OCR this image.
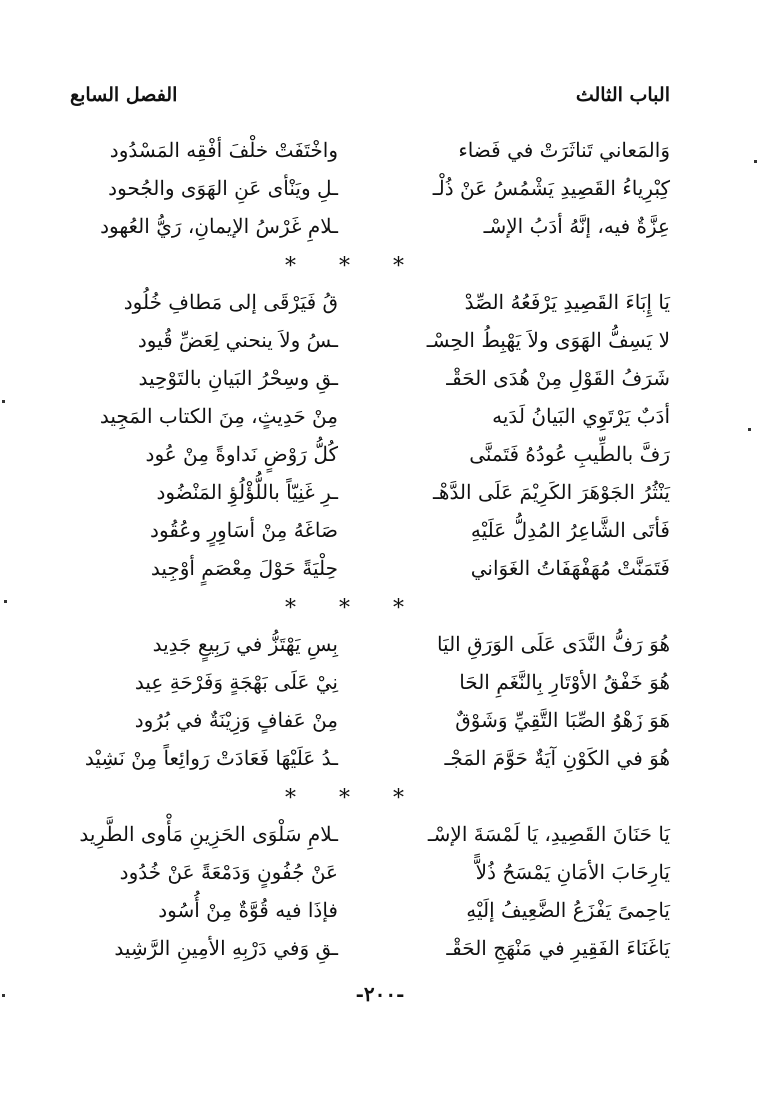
الباب الثالث
الفصل السابع
وَالمَعاني تَناثَرَتْ في فَضاء
واخْتَفَتْ خلْفَ أفْقِه المَسْدُود
كِبْرِياءُ القَصِيدِ يَشْمُسُ عَنْ ذُلْـ
ـلِ ويَنْأى عَنِ الهَوَى والجُحود
عِزَّةٌ فيه، إنَّهُ أدَبُ الإسْـ
ـلامِ غَرْسُ الإيمانِ، رَيُّ العُهود
* * *
يَا إِبَاءَ القَصِيدِ يَرْفَعُهُ الصِّدْ
قُ فَيَرْقَى إلى مَطافِ خُلُود
لا يَسِفُّ الهَوَى ولاَ يَهْبِطُ الحِسْـ
ـسُ ولاَ ينحني لِعَضِّ قُيود
شَرَفُ القَوْلِ مِنْ هُدَى الحَقْـ
ـقِ وسِحْرُ البَيانِ بالتَوْحِيد
أدَبٌ يَرْتَوِي البَيانُ لَدَيه
مِنْ حَدِيثٍ، مِنَ الكتاب المَجِيد
رَفَّ بالطِّيبِ عُودُهُ فَتَمنَّى
كُلُّ رَوْضٍ نَداوةً مِنْ عُود
يَنْثُرُ الجَوْهَرَ الكَرِيْمَ عَلَى الدَّهْـ
ـرِ غَنِيّاً باللُّؤْلُؤِ المَنْضُود
فَأتَى الشَّاعِرُ المُدِلُّ عَلَيْهِ
صَاغَهُ مِنْ أسَاوِرٍ وعُقُود
فَتَمَنَّتْ مُهَفْهَفَاتُ الغَوَاني
حِلْيَةً حَوْلَ مِعْصَمٍ أوْجِيد
* * *
هُوَ رَفُّ النَّدَى عَلَى الوَرَقِ اليَا
بِسِ يَهْتَزُّ في رَبِيعٍ جَدِيد
هُوَ خَفْقُ الأوْتَارِ بِالنَّغَمِ الحَا
نِيْ عَلَى بَهْجَةٍ وَفَرْحَةِ عِيد
هَوَ زَهْوُ الصِّبَا التَّقِيِّ وَشَوْقٌ
مِنْ عَفافٍ وَزِيْنَةٌ في بُرُود
هُوَ في الكَوْنِ آيَةٌ حَوَّمَ المَجْـ
ـدُ عَلَيْهَا فَعَادَتْ رَوائِعاً مِنْ نَشِيْد
* * *
يَا حَنَانَ القَصِيدِ، يَا لَمْسَةَ الإسْـ
ـلامِ سَلْوَى الحَزِينِ مَأْوى الطَّرِيد
يَارِحَابَ الأمَانِ يَمْسَحُ ذُلاًّ
عَنْ جُفُونٍ وَدَمْعَةً عَنْ خُدُود
يَاحِمىً يَفْزَعُ الضَّعِيفُ إلَيْهِ
فإذَا فيه قُوَّةٌ مِنْ أُسُود
يَاغَنَاءَ الفَقِيرِ في مَنْهَجِ الحَقْـ
ـقِ وَفي دَرْبِهِ الأمِينِ الرَّشِيد
-٢٠٠-
